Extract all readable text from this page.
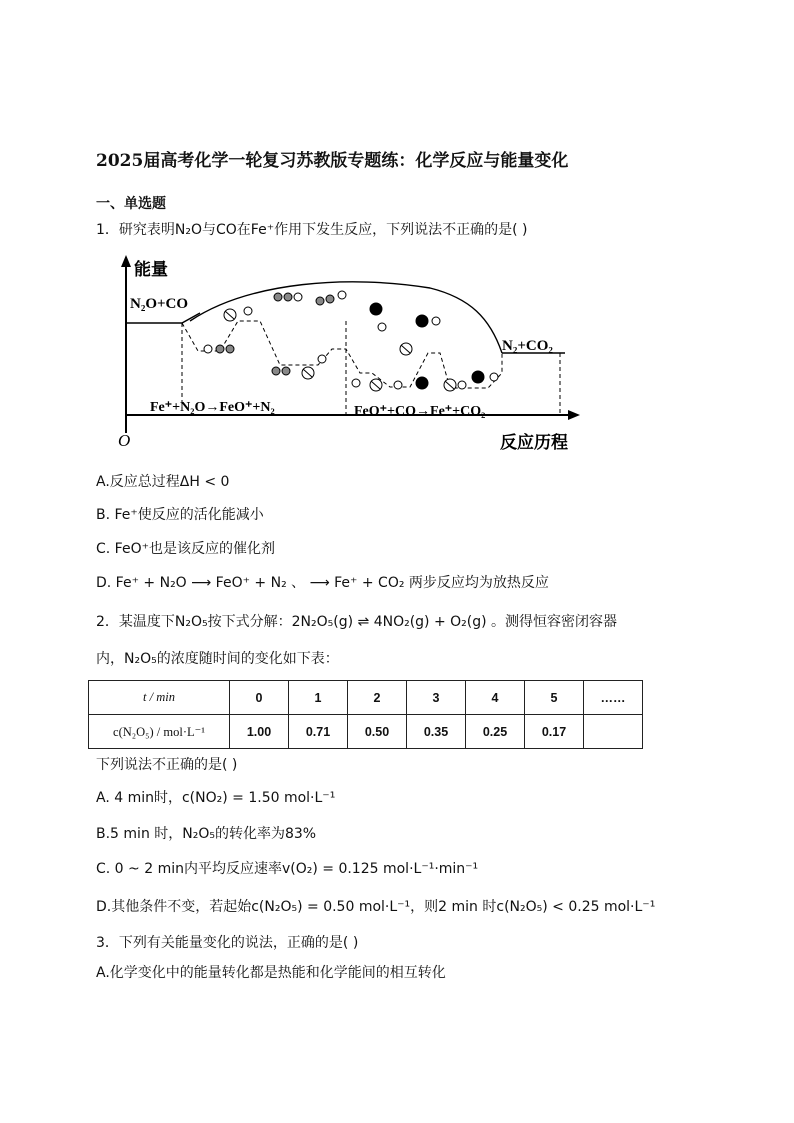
2025届高考化学一轮复习苏教版专题练：化学反应与能量变化
一、单选题
1．研究表明N₂O与CO在Fe⁺作用下发生反应，下列说法不正确的是( )
能量
O	反应历程
N₂O+CO
N₂+CO₂
Fe⁺+N₂O→FeO⁺+N₂	FeO⁺+CO→Fe⁺+CO₂
A.反应总过程ΔH < 0
B. Fe⁺使反应的活化能减小
C. FeO⁺也是该反应的催化剂
D. Fe⁺ + N₂O ⟶ FeO⁺ + N₂ 、 ⟶ Fe⁺ + CO₂ 两步反应均为放热反应
2．某温度下N₂O₅按下式分解：2N₂O₅(g) ⇌ 4NO₂(g) + O₂(g) 。测得恒容密闭容器
内，N₂O₅的浓度随时间的变化如下表：
t / min	0	1	2	3	4	5	……
c(N₂O₅) / mol·L⁻¹	1.00	0.71	0.50	0.35	0.25	0.17	
下列说法不正确的是( )
A. 4 min时，c(NO₂) = 1.50 mol·L⁻¹
B.5 min 时，N₂O₅的转化率为83%
C. 0 ~ 2 min内平均反应速率v(O₂) = 0.125 mol·L⁻¹·min⁻¹
D.其他条件不变，若起始c(N₂O₅) = 0.50 mol·L⁻¹，则2 min 时c(N₂O₅) < 0.25 mol·L⁻¹
3．下列有关能量变化的说法，正确的是( )
A.化学变化中的能量转化都是热能和化学能间的相互转化
